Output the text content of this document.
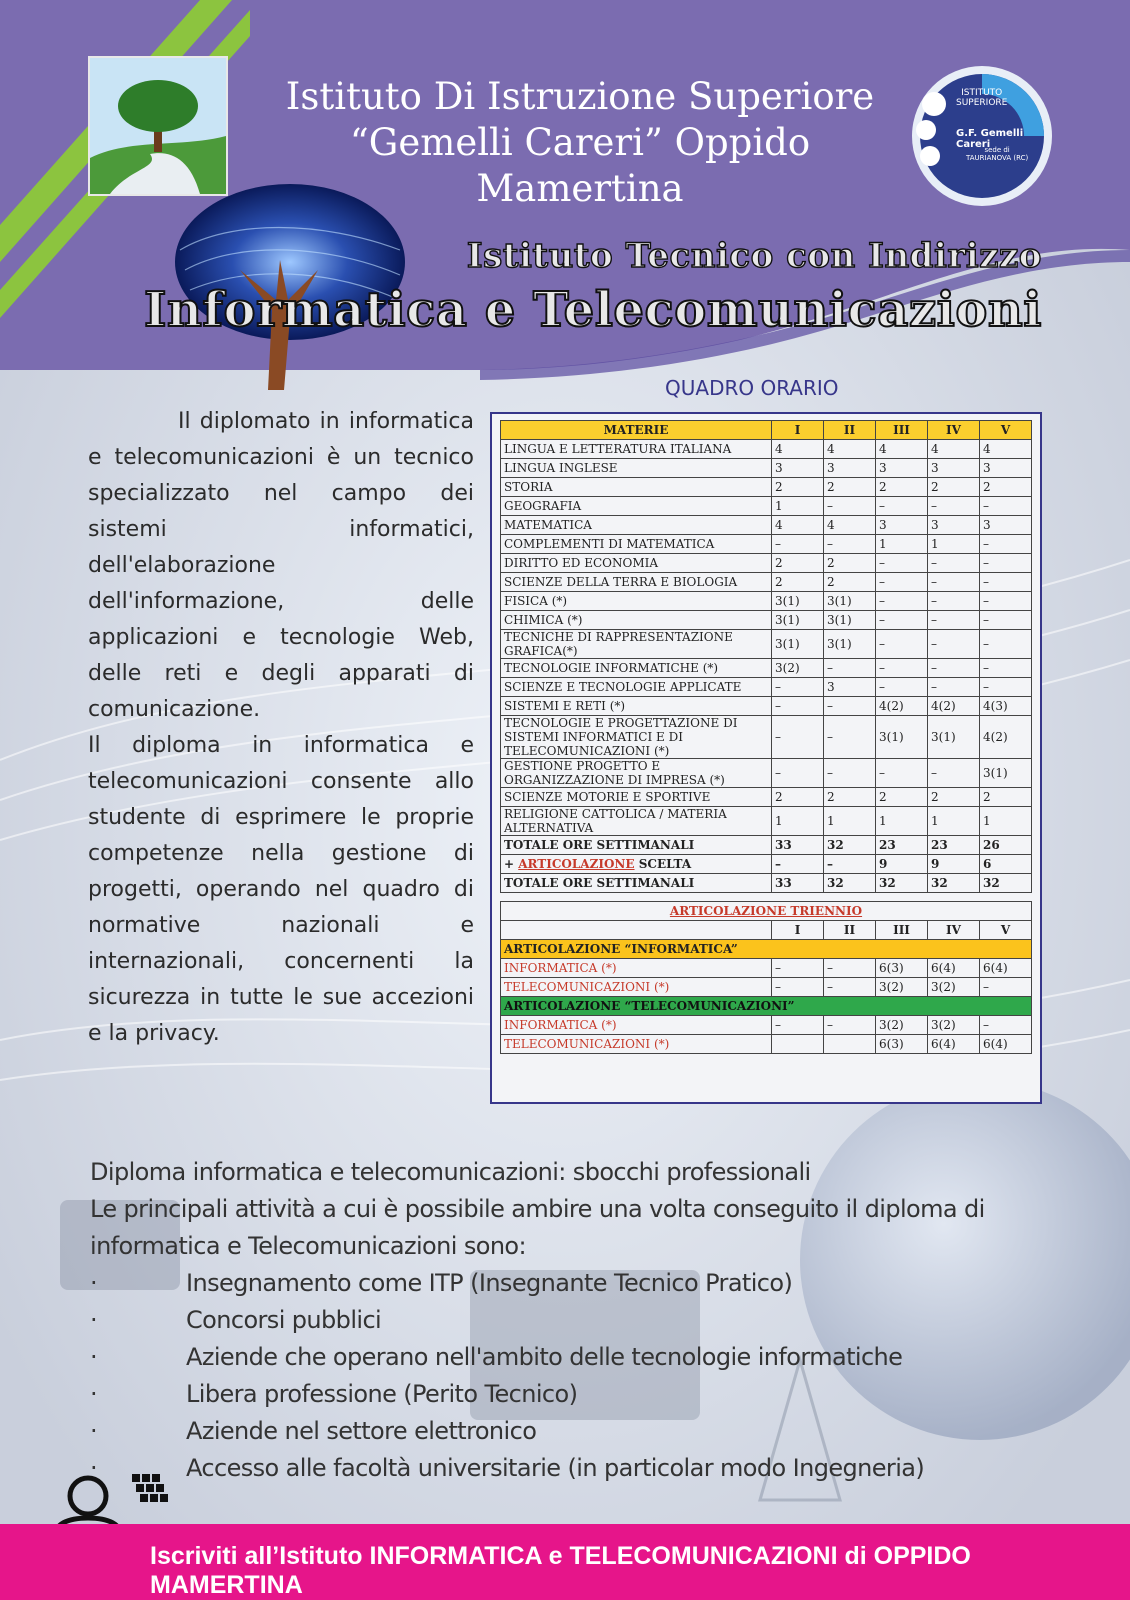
ISTITUTO
SUPERIORE
G.F. Gemelli Careri
sede di
TAURIANOVA (RC)
Istituto Di Istruzione Superiore
“Gemelli Careri” Oppido Mamertina
Istituto Tecnico con Indirizzo
Informatica e Telecomunicazioni

Il diplomato in informatica e telecomunicazioni è un tecnico specializzato nel campo dei sistemi informatici, dell'elaborazione dell'informazione, delle applicazioni e tecnologie Web, delle reti e degli apparati di comunicazione.

Il diploma in informatica e telecomunicazioni consente allo studente di esprimere le proprie competenze nella gestione di progetti, operando nel quadro di normative nazionali e internazionali, concernenti la sicurezza in tutte le sue accezioni e la privacy.

QUADRO ORARIO
MATERIE	I	II	III	IV	V
LINGUA E LETTERATURA ITALIANA	4	4	4	4	4
LINGUA INGLESE	3	3	3	3	3
STORIA	2	2	2	2	2
GEOGRAFIA	1	–	–	–	–
MATEMATICA	4	4	3	3	3
COMPLEMENTI DI MATEMATICA	–	–	1	1	–
DIRITTO ED ECONOMIA	2	2	–	–	–
SCIENZE DELLA TERRA E BIOLOGIA	2	2	–	–	–
FISICA (*)	3(1)	3(1)	–	–	–
CHIMICA (*)	3(1)	3(1)	–	–	–
TECNICHE DI RAPPRESENTAZIONE GRAFICA(*)	3(1)	3(1)	–	–	–
TECNOLOGIE INFORMATICHE (*)	3(2)	–	–	–	–
SCIENZE E TECNOLOGIE APPLICATE	–	3	–	–	–
SISTEMI E RETI (*)	–	–	4(2)	4(2)	4(3)
TECNOLOGIE E PROGETTAZIONE DI SISTEMI INFORMATICI E DI TELECOMUNICAZIONI (*)	–	–	3(1)	3(1)	4(2)
GESTIONE PROGETTO E ORGANIZZAZIONE DI IMPRESA (*)	–	–	–	–	3(1)
SCIENZE MOTORIE E SPORTIVE	2	2	2	2	2
RELIGIONE CATTOLICA / MATERIA ALTERNATIVA	1	1	1	1	1
TOTALE ORE SETTIMANALI	33	32	23	23	26
+ ARTICOLAZIONE SCELTA	–	–	9	9	6
TOTALE ORE SETTIMANALI	33	32	32	32	32

ARTICOLAZIONE TRIENNIO					
	I	II	III	IV	V
ARTICOLAZIONE “INFORMATICA”					
INFORMATICA (*)	–	–	6(3)	6(4)	6(4)
TELECOMUNICAZIONI (*)	–	–	3(2)	3(2)	–
ARTICOLAZIONE “TELECOMUNICAZIONI”					
INFORMATICA (*)	–	–	3(2)	3(2)	–
TELECOMUNICAZIONI (*)			6(3)	6(4)	6(4)

Diploma informatica e telecomunicazioni: sbocchi professionali

Le principali attività a cui è possibile ambire una volta conseguito il diploma di informatica e Telecomunicazioni sono:

·	Insegnamento come ITP (Insegnante Tecnico Pratico)
·	Concorsi pubblici
·	Aziende che operano nell'ambito delle tecnologie informatiche
·	Libera professione (Perito Tecnico)
·	Aziende nel settore elettronico
·	Accesso alle facoltà universitarie (in particolar modo Ingegneria)
Iscriviti all’Istituto INFORMATICA e TELECOMUNICAZIONI di OPPIDO MAMERTINA
